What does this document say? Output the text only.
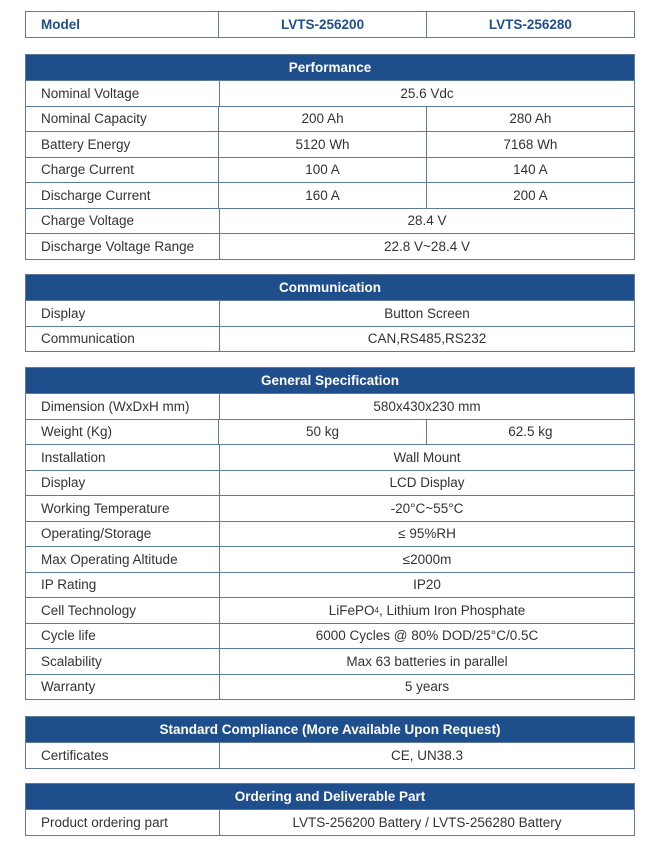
Model	LVTS-256200	LVTS-256280
Performance
Nominal Voltage	25.6 Vdc
Nominal Capacity	200 Ah	280 Ah
Battery Energy	5120 Wh	7168 Wh
Charge Current	100 A	140 A
Discharge Current	160 A	200 A
Charge Voltage	28.4 V
Discharge Voltage Range	22.8 V~28.4 V
Communication
Display	Button Screen
Communication	CAN,RS485,RS232
General Specification
Dimension (WxDxH mm)	580x430x230 mm
Weight (Kg)	50 kg	62.5 kg
Installation	Wall Mount
Display	LCD Display
Working Temperature	-20°C~55°C
Operating/Storage	≤ 95%RH
Max Operating Altitude	≤2000m
IP Rating	IP20
Cell Technology	LiFePO 4 , Lithium Iron Phosphate
Cycle life	6000 Cycles @ 80% DOD/25°C/0.5C
Scalability	Max 63 batteries in parallel
Warranty	5 years
Standard Compliance (More Available Upon Request)
Certificates	CE, UN38.3
Ordering and Deliverable Part
Product ordering part	LVTS-256200 Battery / LVTS-256280 Battery
